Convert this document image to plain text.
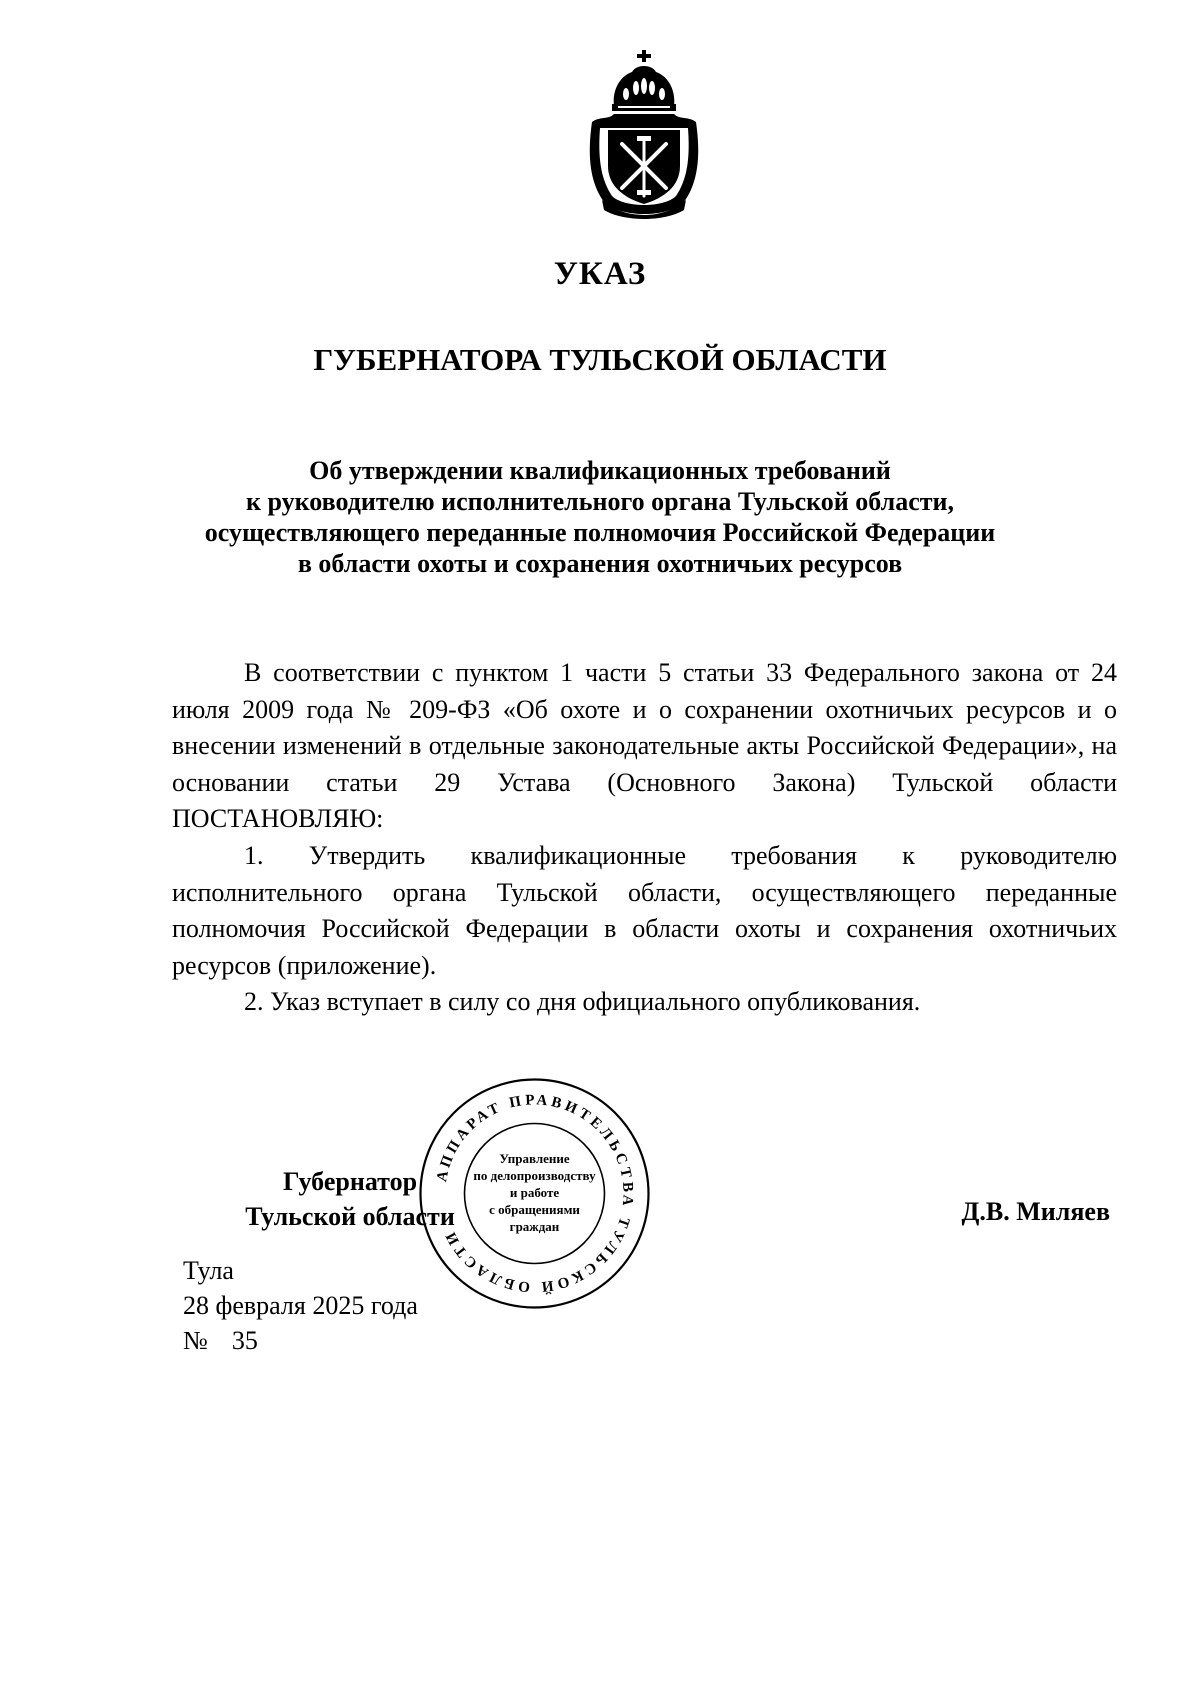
УКАЗ
ГУБЕРНАТОРА ТУЛЬСКОЙ ОБЛАСТИ
Об утверждении квалификационных требований
к руководителю исполнительного органа Тульской области,
осуществляющего переданные полномочия Российской Федерации
в области охоты и сохранения охотничьих ресурсов

В соответствии с пунктом 1 части 5 статьи 33 Федерального закона от 24 июля 2009 года № 209-ФЗ «Об охоте и о сохранении охотничьих ресурсов и о внесении изменений в отдельные законодательные акты Российской Федерации», на основании статьи 29 Устава (Основного Закона) Тульской области ПОСТАНОВЛЯЮ:

1. Утвердить квалификационные требования к руководителю исполнительного органа Тульской области, осуществляющего переданные полномочия Российской Федерации в области охоты и сохранения охотничьих ресурсов (приложение).

2. Указ вступает в силу со дня официального опубликования.

Губернатор
Тульской области
АППАРАТ ПРАВИТЕЛЬСТВА ТУЛЬСКОЙ ОБЛАСТИ
Управление
по делопроизводству
и работе
с обращениями
граждан
Д.В. Миляев
Тула
28 февраля 2025 года
№ 35
